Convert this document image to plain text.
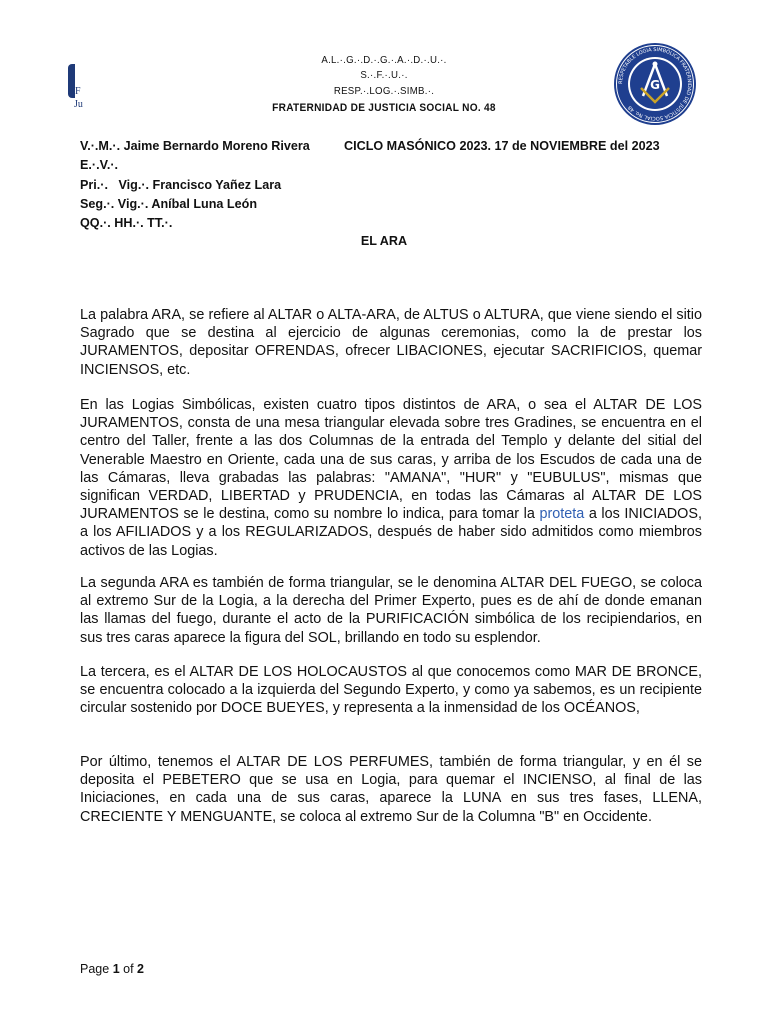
F
Ju
A.L.·.G.·.D.·.G.·.A.·.D.·.U.·.
S.·.F.·.U.·.
RESP.·.LOG.·.SIMB.·.
FRATERNIDAD DE JUSTICIA SOCIAL NO. 48
RESPETABLE LOGIA SIMBÓLICA FRATERNIDAD DE JUSTICIA SOCIAL No. 48
G
V.·.M.·. Jaime Bernardo Moreno Rivera	CICLO MASÓNICO 2023. 17 de NOVIEMBRE del 2023
E.·.V.·.
Pri.·.   Vig.·. Francisco Yañez Lara
Seg.·. Vig.·. Aníbal Luna León
QQ.·. HH.·. TT.·.
EL ARA
La palabra ARA, se refiere al ALTAR o ALTA-ARA, de ALTUS o ALTURA, que viene siendo el sitio Sagrado que se destina al ejercicio de algunas ceremonias, como la de prestar los JURAMENTOS, depositar OFRENDAS, ofrecer LIBACIONES, ejecutar SACRIFICIOS, quemar INCIENSOS, etc.
En las Logias Simbólicas, existen cuatro tipos distintos de ARA, o sea el ALTAR DE LOS JURAMENTOS, consta de una mesa triangular elevada sobre tres Gradines, se encuentra en el centro del Taller, frente a las dos Columnas de la entrada del Templo y delante del sitial del Venerable Maestro en Oriente, cada una de sus caras, y arriba de los Escudos de cada una de las Cámaras, lleva grabadas las palabras: "AMANA", "HUR" y "EUBULUS", mismas que significan VERDAD, LIBERTAD y PRUDENCIA, en todas las Cámaras al ALTAR DE LOS JURAMENTOS se le destina, como su nombre lo indica, para tomar la proteta a los INICIADOS, a los AFILIADOS y a los REGULARIZADOS, después de haber sido admitidos como miembros activos de las Logias.
La segunda ARA es también de forma triangular, se le denomina ALTAR DEL FUEGO, se coloca al extremo Sur de la Logia, a la derecha del Primer Experto, pues es de ahí de donde emanan las llamas del fuego, durante el acto de la PURIFICACIÓN simbólica de los recipiendarios, en sus tres caras aparece la figura del SOL, brillando en todo su esplendor.
La tercera, es el ALTAR DE LOS HOLOCAUSTOS al que conocemos como MAR DE BRONCE, se encuentra colocado a la izquierda del Segundo Experto, y como ya sabemos, es un recipiente circular sostenido por DOCE BUEYES, y representa a la inmensidad de los OCÉANOS,
Por último, tenemos el ALTAR DE LOS PERFUMES, también de forma triangular, y en él se deposita el PEBETERO que se usa en Logia, para quemar el INCIENSO, al final de las Iniciaciones, en cada una de sus caras, aparece la LUNA en sus tres fases, LLENA, CRECIENTE Y MENGUANTE, se coloca al extremo Sur de la Columna "B" en Occidente.
Page 1 of 2
